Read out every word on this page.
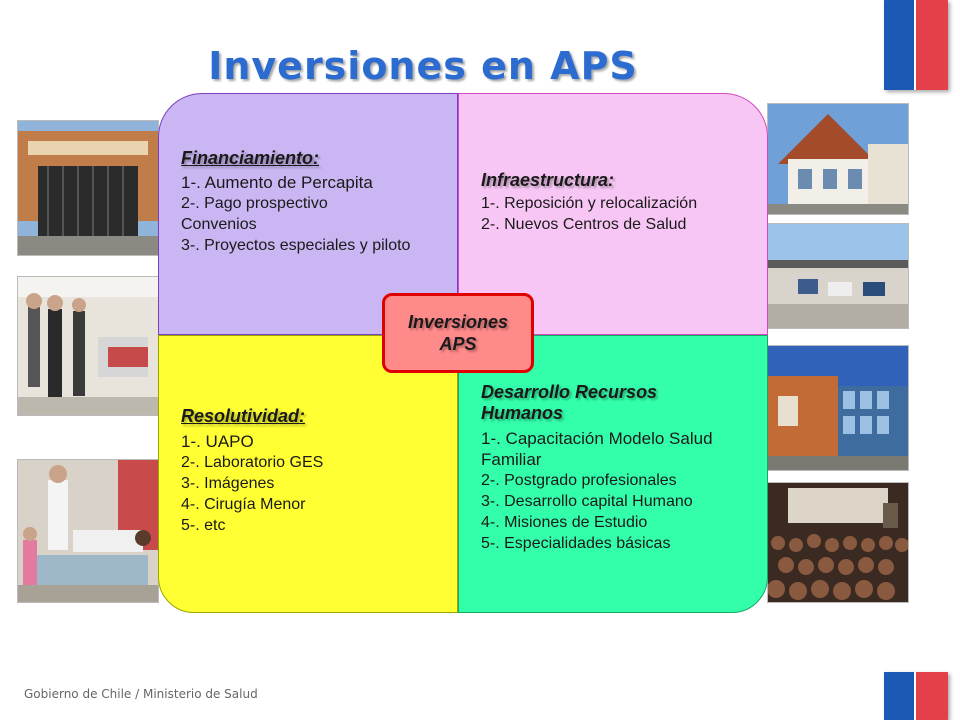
Inversiones en APS
Financiamiento:
1-. Aumento de Percapita
2-. Pago prospectivo Convenios
3-. Proyectos especiales y piloto
Infraestructura:
1-. Reposición y relocalización
2-. Nuevos Centros de Salud
Resolutividad:
1-. UAPO
2-. Laboratorio GES
3-. Imágenes
4-. Cirugía Menor
5-. etc
Desarrollo Recursos Humanos
1-. Capacitación Modelo Salud Familiar
2-. Postgrado profesionales
3-. Desarrollo capital Humano
4-. Misiones de Estudio
5-. Especialidades básicas
Inversiones
APS
Gobierno de Chile / Ministerio de Salud
